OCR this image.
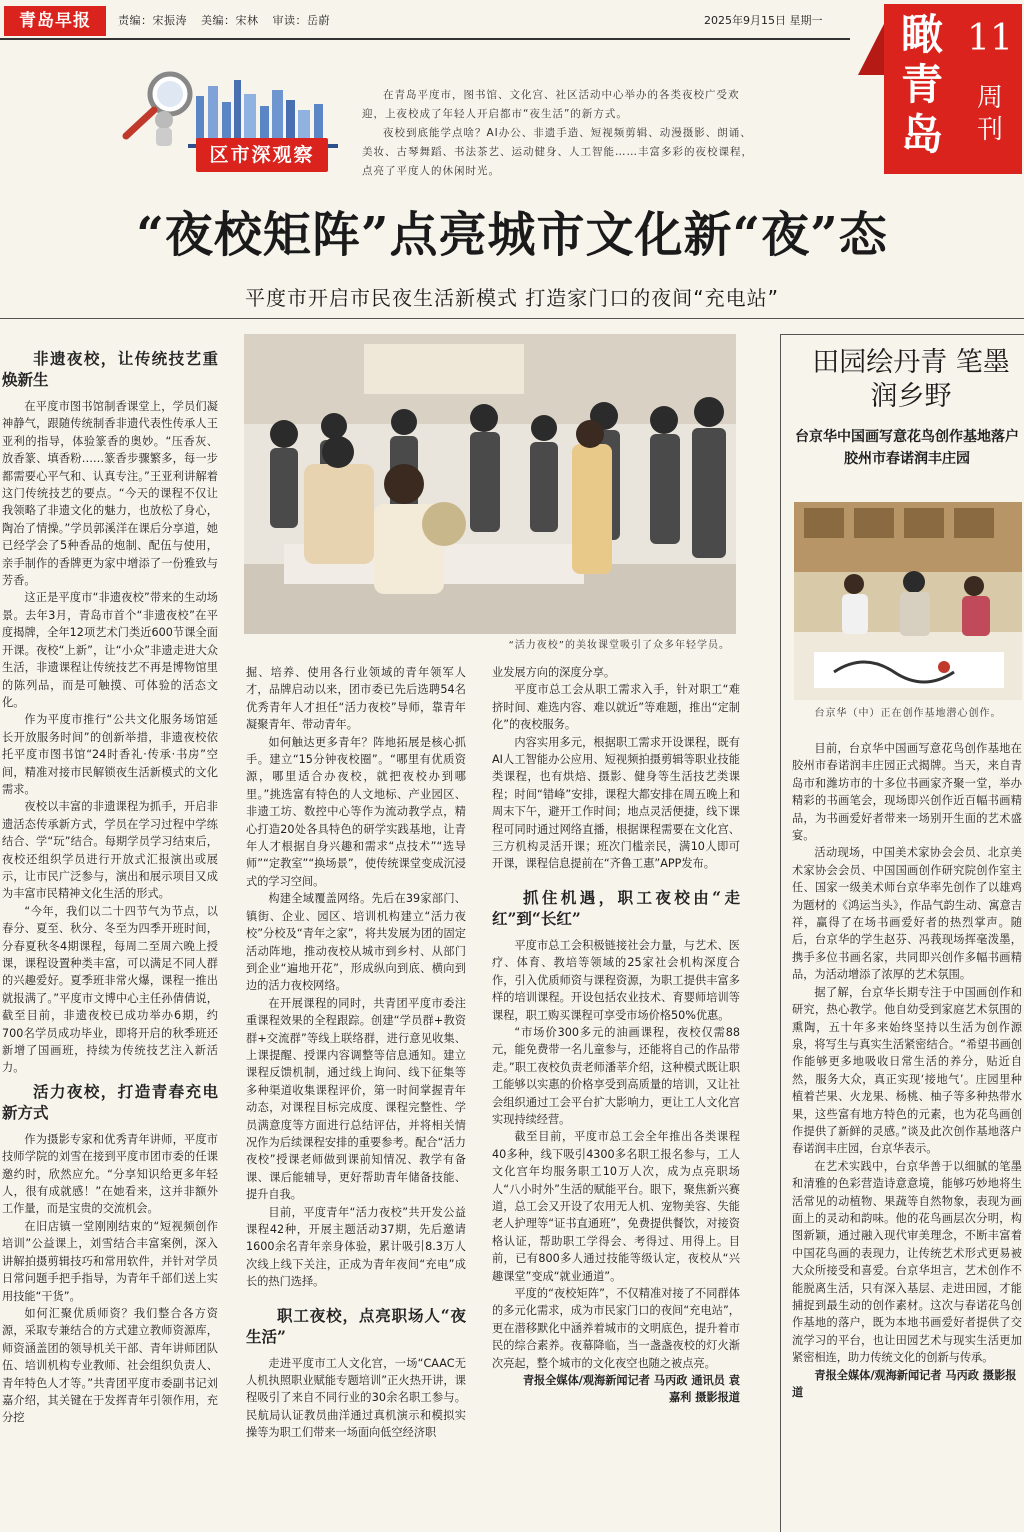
青岛早报	责编：宋振涛 美编：宋林 审读：岳蔚	2025年9月15日 星期一 瞰青岛
11
周刊
区市深观察

在青岛平度市，图书馆、文化宫、社区活动中心举办的各类夜校广受欢迎，上夜校成了年轻人开启都市“夜生活”的新方式。

夜校到底能学点啥？AI办公、非遗手造、短视频剪辑、动漫摄影、朗诵、美妆、古琴舞蹈、书法茶艺、运动健身、人工智能……丰富多彩的夜校课程，点亮了平度人的休闲时光。

“夜校矩阵”点亮城市文化新“夜”态
平度市开启市民夜生活新模式 打造家门口的夜间“充电站”
“活力夜校”的美妆课堂吸引了众多年轻学员。
非遗夜校，让传统技艺重焕新生

在平度市图书馆制香课堂上，学员们凝神静气，跟随传统制香非遗代表性传承人王亚利的指导，体验篆香的奥妙。“压香灰、放香篆、填香粉……篆香步骤繁多，每一步都需要心平气和、认真专注。”王亚利讲解着这门传统技艺的要点。“今天的课程不仅让我领略了非遗文化的魅力，也放松了身心，陶冶了情操。”学员郭溪洋在课后分享道，她已经学会了5种香品的炮制、配伍与使用，亲手制作的香牌更为家中增添了一份雅致与芳香。

这正是平度市“非遗夜校”带来的生动场景。去年3月，青岛市首个“非遗夜校”在平度揭牌，全年12项艺术门类近600节课全面开课。夜校“上新”，让“小众”非遗走进大众生活，非遗课程让传统技艺不再是博物馆里的陈列品，而是可触摸、可体验的活态文化。

作为平度市推行“公共文化服务场馆延长开放服务时间”的创新举措，非遗夜校依托平度市图书馆“24时香礼·传承·书房”空间，精准对接市民解锁夜生活新模式的文化需求。

夜校以丰富的非遗课程为抓手，开启非遗活态传承新方式，学员在学习过程中学练结合、学“玩”结合。每期学员学习结束后，夜校还组织学员进行开放式汇报演出或展示，让市民广泛参与，演出和展示项目又成为丰富市民精神文化生活的形式。

“今年，我们以二十四节气为节点，以春分、夏至、秋分、冬至为四季开班时间，分春夏秋冬4期课程，每周二至周六晚上授课，课程设置种类丰富，可以满足不同人群的兴趣爱好。夏季班非常火爆，课程一推出就报满了。”平度市文博中心主任孙倩倩说，截至目前，非遗夜校已成功举办6期，约700名学员成功毕业，即将开启的秋季班还新增了国画班，持续为传统技艺注入新活力。

活力夜校，打造青春充电新方式

作为摄影专家和优秀青年讲师，平度市技师学院的刘雪在接到平度市团市委的任课邀约时，欣然应允。“分享知识给更多年轻人，很有成就感！”在她看来，这并非额外工作量，而是宝贵的交流机会。

在旧店镇一堂刚刚结束的“短视频创作培训”公益课上，刘雪结合丰富案例，深入讲解拍摄剪辑技巧和常用软件，并针对学员日常问题手把手指导，为青年千部们送上实用技能“干货”。

如何汇聚优质师资？我们整合各方资源，采取专兼结合的方式建立教师资源库，师资涵盖团的领导机关干部、青年讲师团队伍、培训机构专业教师、社会组织负责人、青年特色人才等。”共青团平度市委副书记刘嘉介绍，其关键在于发挥青年引领作用，充分挖

掘、培养、使用各行业领域的青年领军人才，品牌启动以来，团市委已先后选聘54名优秀青年人才担任“活力夜校”导师，靠青年凝聚青年、带动青年。

如何触达更多青年？阵地拓展是核心抓手。建立“15分钟夜校圈”。“哪里有优质资源，哪里适合办夜校，就把夜校办到哪里。”挑选富有特色的人文地标、产业园区、非遗工坊、数控中心等作为流动教学点，精心打造20处各具特色的研学实践基地，让青年人才根据自身兴趣和需求“点技术”“选导师”“定教室”“换场景”，使传统课堂变成沉浸式的学习空间。

构建全域覆盖网络。先后在39家部门、镇街、企业、园区、培训机构建立“活力夜校”分校及“青年之家”，将共发展为团的固定活动阵地，推动夜校从城市到乡村、从部门到企业“遍地开花”，形成纵向到底、横向到边的活力夜校网络。

在开展课程的同时，共青团平度市委注重课程效果的全程跟踪。创建“学员群+教资群+交流群”等线上联络群，进行意见收集、上课提醒、授课内容调整等信息通知。建立课程反馈机制，通过线上询问、线下征集等多种渠道收集课程评价，第一时间掌握青年动态，对课程目标完成度、课程完整性、学员满意度等方面进行总结评估，并将相关情况作为后续课程安排的重要参考。配合“活力夜校”授课老师做到课前知情况、教学有备课、课后能辅导，更好帮助青年储备技能、提升自我。

目前，平度青年“活力夜校”共开发公益课程42种，开展主题活动37期，先后邀请1600余名青年亲身体验，累计吸引8.3万人次线上线下关注，正成为青年夜间“充电”成长的热门选择。

职工夜校，点亮职场人“夜生活”

走进平度市工人文化宫，一场“CAAC无人机执照职业赋能专题培训”正火热开讲，课程吸引了来自不同行业的30余名职工参与。民航局认证教员曲洋通过真机演示和模拟实操等为职工们带来一场面向低空经济职

业发展方向的深度分享。

平度市总工会从职工需求入手，针对职工“难挤时间、难选内容、难以就近”等难题，推出“定制化”的夜校服务。

内容实用多元，根据职工需求开设课程，既有AI人工智能办公应用、短视频拍摄剪辑等职业技能类课程，也有烘焙、摄影、健身等生活技艺类课程；时间“错峰”安排，课程大都安排在周五晚上和周末下午，避开工作时间；地点灵活便捷，线下课程可同时通过网络直播，根据课程需要在文化宫、三方机构灵活开课；班次门槛亲民，满10人即可开课，课程信息提前在“齐鲁工惠”APP发布。

抓住机遇，职工夜校由“走红”到“长红”

平度市总工会积极链接社会力量，与艺术、医疗、体育、教培等领域的25家社会机构深度合作，引入优质师资与课程资源，为职工提供丰富多样的培训课程。开设包括农业技术、育婴师培训等课程，职工购买课程可享受市场价格50%优惠。

“市场价300多元的油画课程，夜校仅需88元，能免费带一名儿童参与，还能将自己的作品带走。”职工夜校负责老师潘莘介绍，这种模式既让职工能够以实惠的价格享受到高质量的培训，又让社会组织通过工会平台扩大影响力，更让工人文化宫实现持续经营。

截至目前，平度市总工会全年推出各类课程40多种，线下吸引4300多名职工报名参与，工人文化宫年均服务职工10万人次，成为点亮职场人“八小时外”生活的赋能平台。眼下，聚焦新兴赛道，总工会又开设了农用无人机、宠物美容、失能老人护理等“证书直通班”，免费提供餐饮，对接资格认证，帮助职工学得会、考得过、用得上。目前，已有800多人通过技能等级认定，夜校从“兴趣课堂”变成“就业通道”。

平度的“夜校矩阵”，不仅精准对接了不同群体的多元化需求，成为市民家门口的夜间“充电站”，更在潜移默化中涵养着城市的文明底色，提升着市民的综合素养。夜幕降临，当一盏盏夜校的灯火渐次亮起，整个城市的文化夜空也随之被点亮。

青报全媒体/观海新闻记者 马丙政 通讯员 袁嘉利 摄影报道

田园绘丹青 笔墨润乡野
台京华中国画写意花鸟创作基地落户胶州市春诺润丰庄园
台京华（中）正在创作基地潜心创作。

目前，台京华中国画写意花鸟创作基地在胶州市春诺润丰庄园正式揭牌。当天，来自青岛市和潍坊市的十多位书画家齐聚一堂，举办精彩的书画笔会，现场即兴创作近百幅书画精品，为书画爱好者带来一场别开生面的艺术盛宴。

活动现场，中国美术家协会会员、北京美术家协会会员、中国国画创作研究院创作室主任、国家一级美术师台京华率先创作了以雄鸡为题材的《鸿运当头》，作品气韵生动、寓意吉祥，赢得了在场书画爱好者的热烈掌声。随后，台京华的学生赵芬、冯莪现场挥毫泼墨，携手多位书画名家，共同即兴创作多幅书画精品，为活动增添了浓厚的艺术氛围。

据了解，台京华长期专注于中国画创作和研究，热心教学。他自幼受到家庭艺术氛围的熏陶，五十年多来始终坚持以生活为创作源泉，将写生与真实生活紧密结合。“希望书画创作能够更多地吸收日常生活的养分，贴近自然，服务大众，真正实现‘接地气’。庄园里种植着芒果、火龙果、杨桃、柚子等多种热带水果，这些富有地方特色的元素，也为花鸟画创作提供了新鲜的灵感。”谈及此次创作基地落户春诺润丰庄园，台京华表示。

在艺术实践中，台京华善于以细腻的笔墨和清雅的色彩营造诗意意境，能够巧妙地将生活常见的动植物、果蔬等自然物象，表现为画面上的灵动和韵味。他的花鸟画层次分明，构图新颖，通过融入现代审美理念，不断丰富着中国花鸟画的表现力，让传统艺术形式更易被大众所接受和喜爱。台京华坦言，艺术创作不能脱离生活，只有深入基层、走进田园，才能捕捉到最生动的创作素材。这次与春诺花鸟创作基地的落户，既为本地书画爱好者提供了交流学习的平台，也让田园艺术与现实生活更加紧密相连，助力传统文化的创新与传承。

青报全媒体/观海新闻记者 马丙政 摄影报道
